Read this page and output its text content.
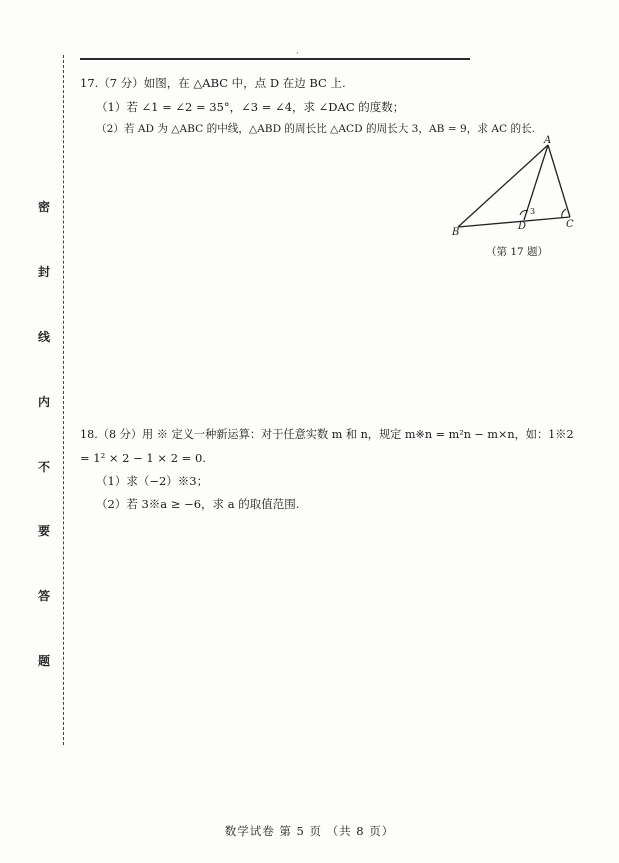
·
密
封
线
内
不
要
答
题
17.（7 分）如图，在 △ABC 中，点 D 在边 BC 上.
（1）若 ∠1 = ∠2 = 35°，∠3 = ∠4，求 ∠DAC 的度数；
（2）若 AD 为 △ABC 的中线，△ABD 的周长比 △ACD 的周长大 3，AB = 9，求 AC 的长.
A
B
C
D
3
（第 17 题）
18.（8 分）用 ※ 定义一种新运算：对于任意实数 m 和 n，规定 m※n = m²n − m×n，如：1※2
= 1² × 2 − 1 × 2 = 0.
（1）求（−2）※3；
（2）若 3※a ≥ −6，求 a 的取值范围.
数学试卷 第 5 页 （共 8 页）
